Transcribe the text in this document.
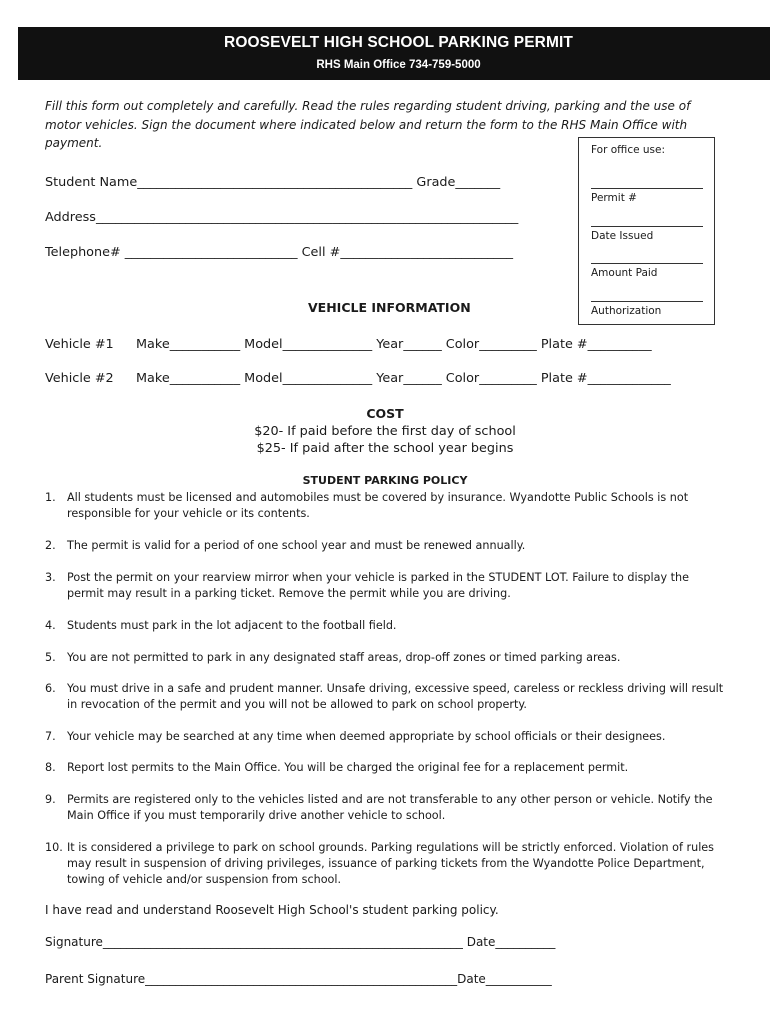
ROOSEVELT HIGH SCHOOL PARKING PERMIT
RHS Main Office 734-759-5000
Fill this form out completely and carefully. Read the rules regarding student driving, parking and the use of motor vehicles. Sign the document where indicated below and return the form to the RHS Main Office with payment.	For office use:
Permit #
Date Issued
Amount Paid
Authorization
Student Name___________________________________________ Grade_______
Address__________________________________________________________________
Telephone# ___________________________ Cell #___________________________
VEHICLE INFORMATION
Vehicle #1 Make___________ Model______________ Year______ Color_________ Plate #__________
Vehicle #2 Make___________ Model______________ Year______ Color_________ Plate #_____________
COST
$20- If paid before the first day of school
$25- If paid after the school year begins
STUDENT PARKING POLICY
1. All students must be licensed and automobiles must be covered by insurance. Wyandotte Public Schools is not responsible for your vehicle or its contents.
2. The permit is valid for a period of one school year and must be renewed annually.
3. Post the permit on your rearview mirror when your vehicle is parked in the STUDENT LOT. Failure to display the permit may result in a parking ticket. Remove the permit while you are driving.
4. Students must park in the lot adjacent to the football field.
5. You are not permitted to park in any designated staff areas, drop-off zones or timed parking areas.
6. You must drive in a safe and prudent manner. Unsafe driving, excessive speed, careless or reckless driving will result in revocation of the permit and you will not be allowed to park on school property.
7. Your vehicle may be searched at any time when deemed appropriate by school officials or their designees.
8. Report lost permits to the Main Office. You will be charged the original fee for a replacement permit.
9. Permits are registered only to the vehicles listed and are not transferable to any other person or vehicle. Notify the Main Office if you must temporarily drive another vehicle to school.
10. It is considered a privilege to park on school grounds. Parking regulations will be strictly enforced. Violation of rules may result in suspension of driving privileges, issuance of parking tickets from the Wyandotte Police Department, towing of vehicle and/or suspension from school.
I have read and understand Roosevelt High School's student parking policy.
Signature____________________________________________________________ Date__________
Parent Signature____________________________________________________Date___________
